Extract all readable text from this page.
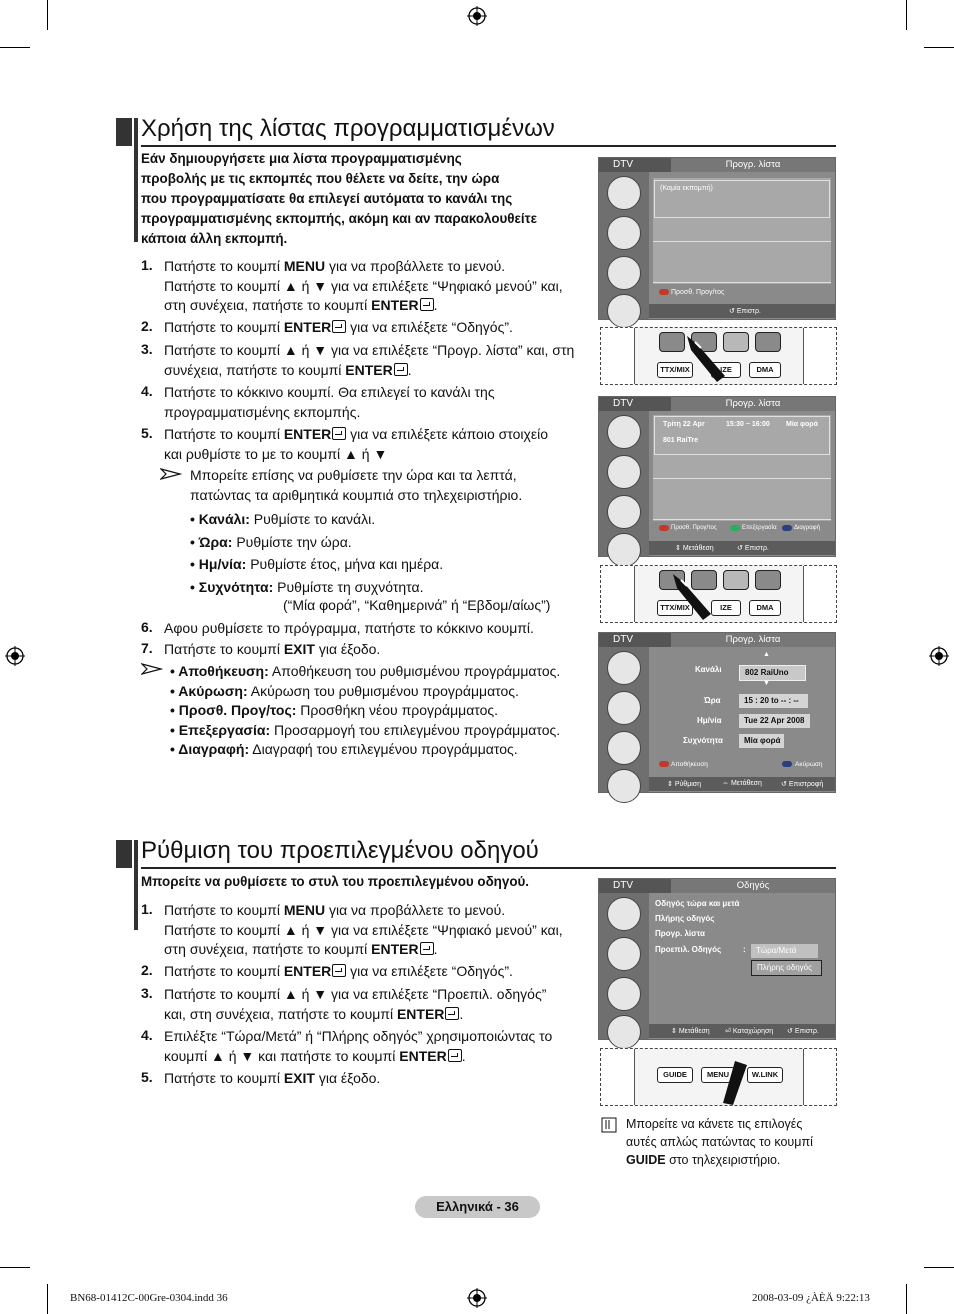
Χρήση της λίστας προγραμματισμένων
Εάν δημιουργήσετε μια λίστα προγραμματισμένης
προβολής με τις εκπομπές που θέλετε να δείτε, την ώρα
που προγραμματίσατε θα επιλεγεί αυτόματα το κανάλι της
προγραμματισμένης εκπομπής, ακόμη και αν παρακολουθείτε
κάποια άλλη εκπομπή.
1. Πατήστε το κουμπί MENU για να προβάλλετε το μενού.
Πατήστε το κουμπί ▲ ή ▼ για να επιλέξετε “Ψηφιακό μενού” και,
στη συνέχεια, πατήστε το κουμπί ENTER .
2. Πατήστε το κουμπί ENTER για να επιλέξετε “Οδηγός”.
3. Πατήστε το κουμπί ▲ ή ▼ για να επιλέξετε “Προγρ. λίστα” και, στη
συνέχεια, πατήστε το κουμπί ENTER .
4. Πατήστε το κόκκινο κουμπί. Θα επιλεγεί το κανάλι της
προγραμματισμένης εκπομπής.
5. Πατήστε το κουμπί ENTER για να επιλέξετε κάποιο στοιχείο
και ρυθμίστε το με το κουμπί ▲ ή ▼
Μπορείτε επίσης να ρυθμίσετε την ώρα και τα λεπτά,
πατώντας τα αριθμητικά κουμπιά στο τηλεχειριστήριο.
• Κανάλι: Ρυθμίστε το κανάλι.
• Ώρα: Ρυθμίστε την ώρα.
• Ημ/νία: Ρυθμίστε έτος, μήνα και ημέρα.
• Συχνότητα: Ρυθμίστε τη συχνότητα.
(“Μία φορά”, “Καθημερινά” ή “Εβδομ/αίως”)
6. Αφου ρυθμίσετε το πρόγραμμα, πατήστε το κόκκινο κουμπί.
7. Πατήστε το κουμπί EXIT για έξοδο.
• Αποθήκευση: Αποθήκευση του ρυθμισμένου προγράμματος.
• Ακύρωση: Ακύρωση του ρυθμισμένου προγράμματος.
• Προσθ. Προγ/τος: Προσθήκη νέου προγράμματος.
• Επεξεργασία: Προσαρμογή του επιλεγμένου προγράμματος.
• Διαγραφή: Διαγραφή του επιλεγμένου προγράμματος.
DTV	Προγρ. λίστα
(Καμία εκπομπή)
Προσθ. Προγ/τος
↺ Επιστρ.
TTX/MIX	IZE	DMA
DTV	Προγρ. λίστα
Τρίτη 22 Apr	15:30 ~ 16:00 Μία φορά
801 RaiTre
Προσθ. Προγ/τος	Επεξεργασία	Διαγραφή
⇕ Μετάθεση	↺ Επιστρ.
TTX/MIX	IZE	DMA
DTV	Προγρ. λίστα
▲
Κανάλι	802 RaiUno
▼
Ώρα	15 : 20 to -- : --
Ημ/νία	Tue 22 Apr 2008
Συχνότητα	Μία φορά
Αποθήκευση	Ακύρωση
⇕ Ρύθμιση	⇔ Μετάθεση	↺ Επιστροφή
Ρύθμιση του προεπιλεγμένου οδηγού
Μπορείτε να ρυθμίσετε το στυλ του προεπιλεγμένου οδηγού.
1. Πατήστε το κουμπί MENU για να προβάλλετε το μενού.
Πατήστε το κουμπί ▲ ή ▼ για να επιλέξετε “Ψηφιακό μενού” και,
στη συνέχεια, πατήστε το κουμπί ENTER .
2. Πατήστε το κουμπί ENTER για να επιλέξετε “Οδηγός”.
3. Πατήστε το κουμπί ▲ ή ▼ για να επιλέξετε “Προεπιλ. οδηγός”
και, στη συνέχεια, πατήστε το κουμπί ENTER .
4. Επιλέξτε “Τώρα/Μετά” ή “Πλήρης οδηγός” χρησιμοποιώντας το
κουμπί ▲ ή ▼ και πατήστε το κουμπί ENTER .
5. Πατήστε το κουμπί EXIT για έξοδο.
DTV	Οδηγός
Οδηγός τώρα και μετά
Πλήρης οδηγός
Προγρ. λίστα
Προεπιλ. Οδηγός	:	Τώρα/Μετά
Πλήρης οδηγός
⇕ Μετάθεση ⏎ Καταχώρηση ↺ Επιστρ.
GUIDE	MENU	W.LINK
Μπορείτε να κάνετε τις επιλογές
αυτές απλώς πατώντας το κουμπί
GUIDE στο τηλεχειριστήριο.
Ελληνικά - 36
BN68-01412C-00Gre-0304.indd 36	2008-03-09 ¿ÀÈÄ 9:22:13
